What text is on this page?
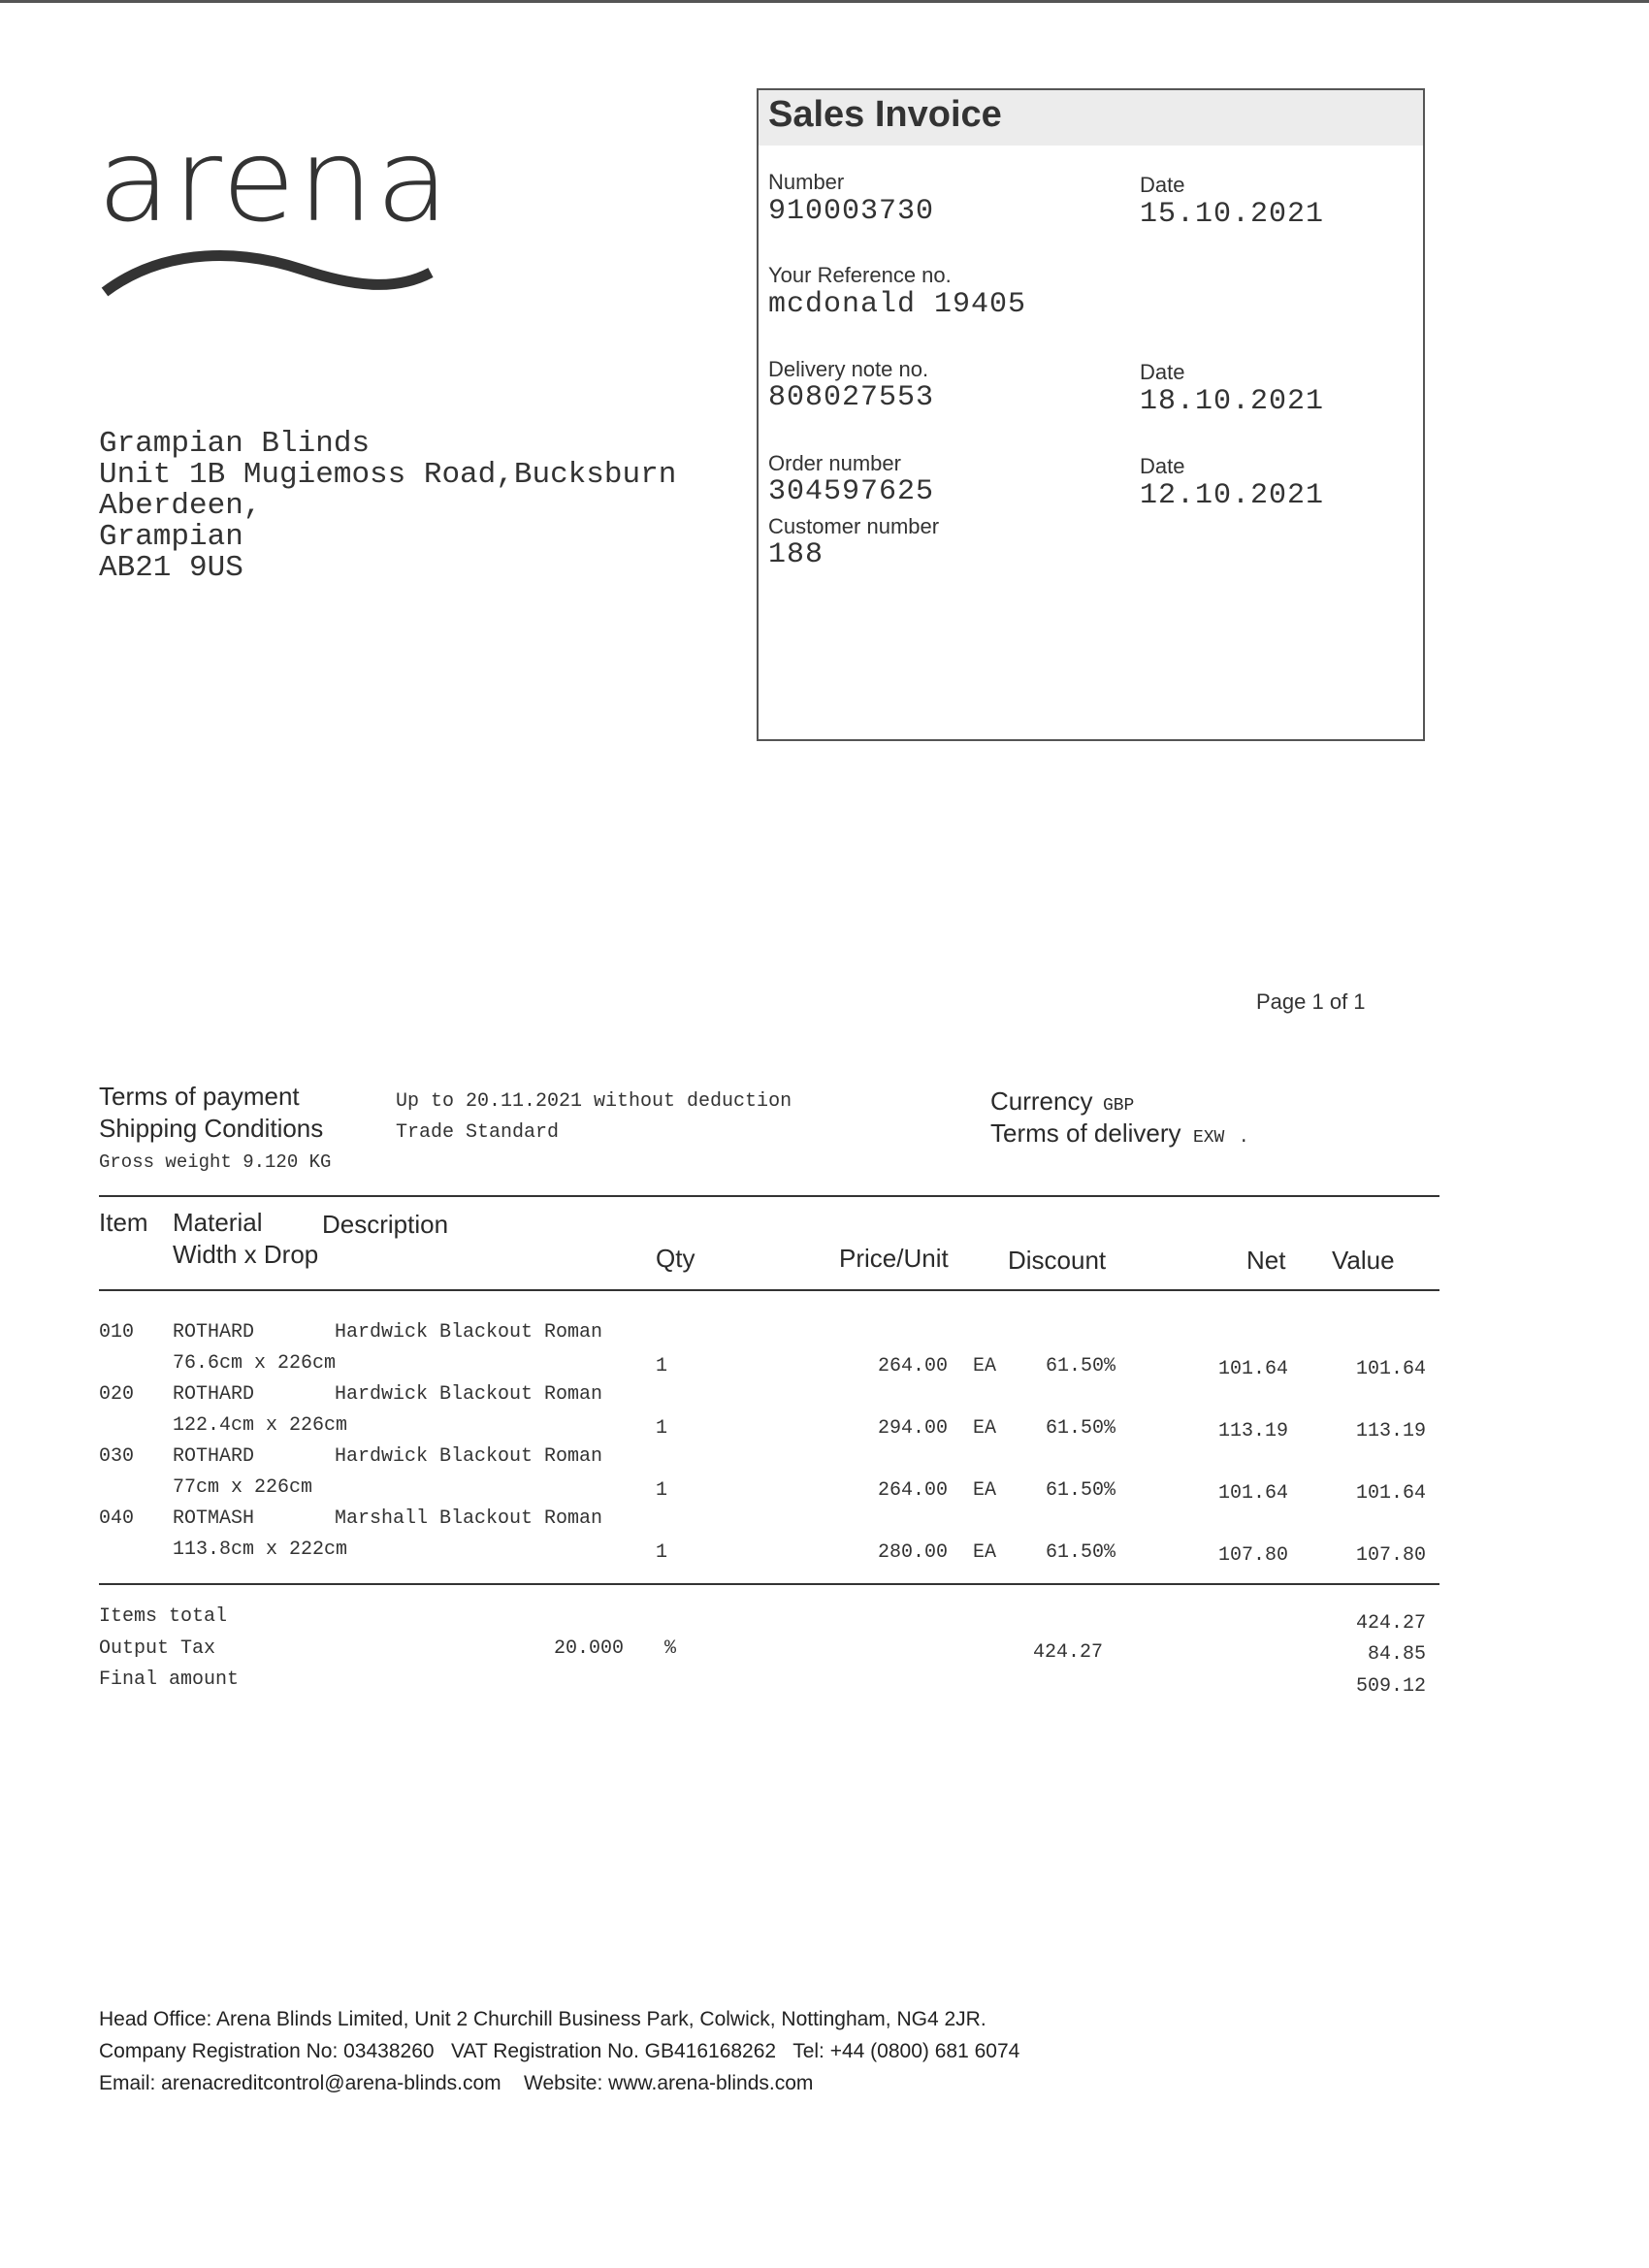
arena
Grampian Blinds
Unit 1B Mugiemoss Road,Bucksburn
Aberdeen,
Grampian
AB21 9US
Sales Invoice
Number
910003730
Date
15.10.2021
Your Reference no.
mcdonald 19405
Delivery note no.
808027553
Date
18.10.2021
Order number
304597625
Date
12.10.2021
Customer number
188
Page 1 of 1
Terms of payment	Up to 20.11.2021 without deduction
Shipping Conditions	Trade Standard
Gross weight 9.120 KG
Currency GBP
Terms of delivery EXW .
Item Material Description
Width x Drop	Qty	Price/Unit Discount	Net Value
010 ROTHARD	Hardwick Blackout Roman
76.6cm x 226cm	1	264.00 EA	61.50%	101.64	101.64
020 ROTHARD	Hardwick Blackout Roman
122.4cm x 226cm	1	294.00 EA	61.50%	113.19	113.19
030 ROTHARD	Hardwick Blackout Roman
77cm x 226cm	1	264.00 EA	61.50%	101.64	101.64
040 ROTMASH	Marshall Blackout Roman
113.8cm x 222cm	1	280.00 EA	61.50%	107.80	107.80
Items total	424.27
Output Tax	20.000 %	424.27	84.85
Final amount	509.12
Head Office: Arena Blinds Limited, Unit 2 Churchill Business Park, Colwick, Nottingham, NG4 2JR.
Company Registration No: 03438260   VAT Registration No. GB416168262   Tel: +44 (0800) 681 6074
Email: arenacreditcontrol@arena-blinds.com    Website: www.arena-blinds.com
